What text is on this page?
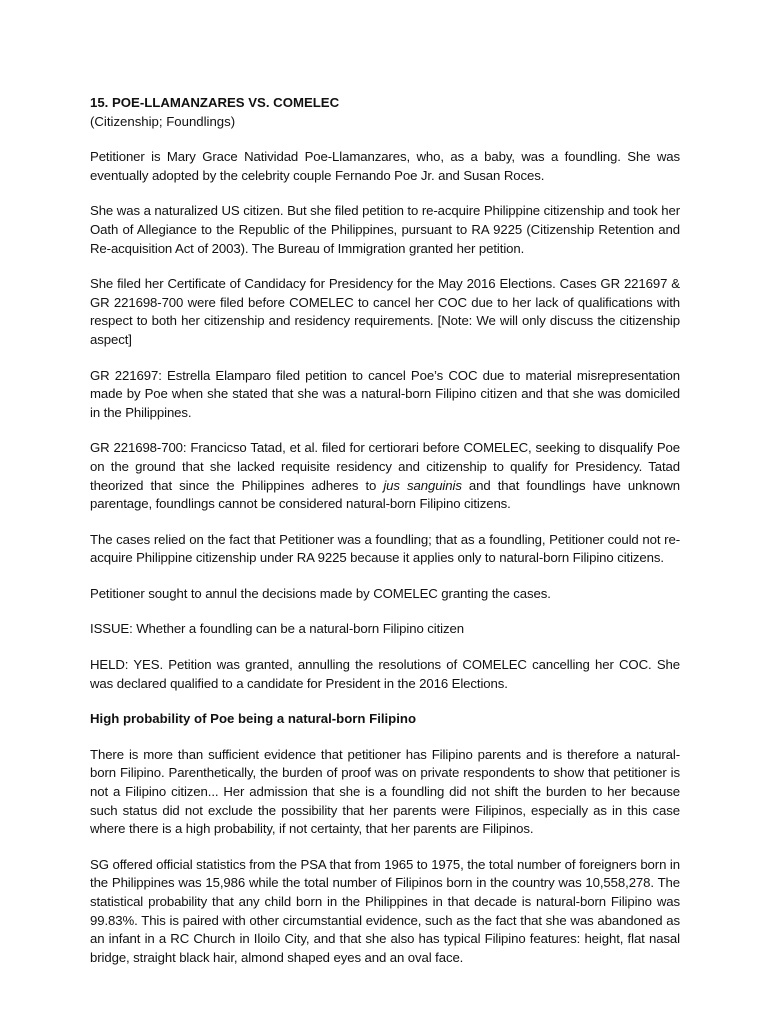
15. POE-LLAMANZARES VS. COMELEC
(Citizenship; Foundlings)

Petitioner is Mary Grace Natividad Poe-Llamanzares, who, as a baby, was a foundling. She was eventually adopted by the celebrity couple Fernando Poe Jr. and Susan Roces.

She was a naturalized US citizen. But she filed petition to re-acquire Philippine citizenship and took her Oath of Allegiance to the Republic of the Philippines, pursuant to RA 9225 (Citizenship Retention and Re-acquisition Act of 2003). The Bureau of Immigration granted her petition.

She filed her Certificate of Candidacy for Presidency for the May 2016 Elections. Cases GR 221697 & GR 221698-700 were filed before COMELEC to cancel her COC due to her lack of qualifications with respect to both her citizenship and residency requirements. [Note: We will only discuss the citizenship aspect]

GR 221697: Estrella Elamparo filed petition to cancel Poe’s COC due to material misrepresentation made by Poe when she stated that she was a natural-born Filipino citizen and that she was domiciled in the Philippines.

GR 221698-700: Francicso Tatad, et al. filed for certiorari before COMELEC, seeking to disqualify Poe on the ground that she lacked requisite residency and citizenship to qualify for Presidency. Tatad theorized that since the Philippines adheres to jus sanguinis and that foundlings have unknown parentage, foundlings cannot be considered natural-born Filipino citizens.

The cases relied on the fact that Petitioner was a foundling; that as a foundling, Petitioner could not re-acquire Philippine citizenship under RA 9225 because it applies only to natural-born Filipino citizens.

Petitioner sought to annul the decisions made by COMELEC granting the cases.

ISSUE: Whether a foundling can be a natural-born Filipino citizen

HELD: YES. Petition was granted, annulling the resolutions of COMELEC cancelling her COC. She was declared qualified to a candidate for President in the 2016 Elections.

High probability of Poe being a natural-born Filipino

There is more than sufficient evidence that petitioner has Filipino parents and is therefore a natural-born Filipino. Parenthetically, the burden of proof was on private respondents to show that petitioner is not a Filipino citizen... Her admission that she is a foundling did not shift the burden to her because such status did not exclude the possibility that her parents were Filipinos, especially as in this case where there is a high probability, if not certainty, that her parents are Filipinos.

SG offered official statistics from the PSA that from 1965 to 1975, the total number of foreigners born in the Philippines was 15,986 while the total number of Filipinos born in the country was 10,558,278. The statistical probability that any child born in the Philippines in that decade is natural-born Filipino was 99.83%. This is paired with other circumstantial evidence, such as the fact that she was abandoned as an infant in a RC Church in Iloilo City, and that she also has typical Filipino features: height, flat nasal bridge, straight black hair, almond shaped eyes and an oval face.
